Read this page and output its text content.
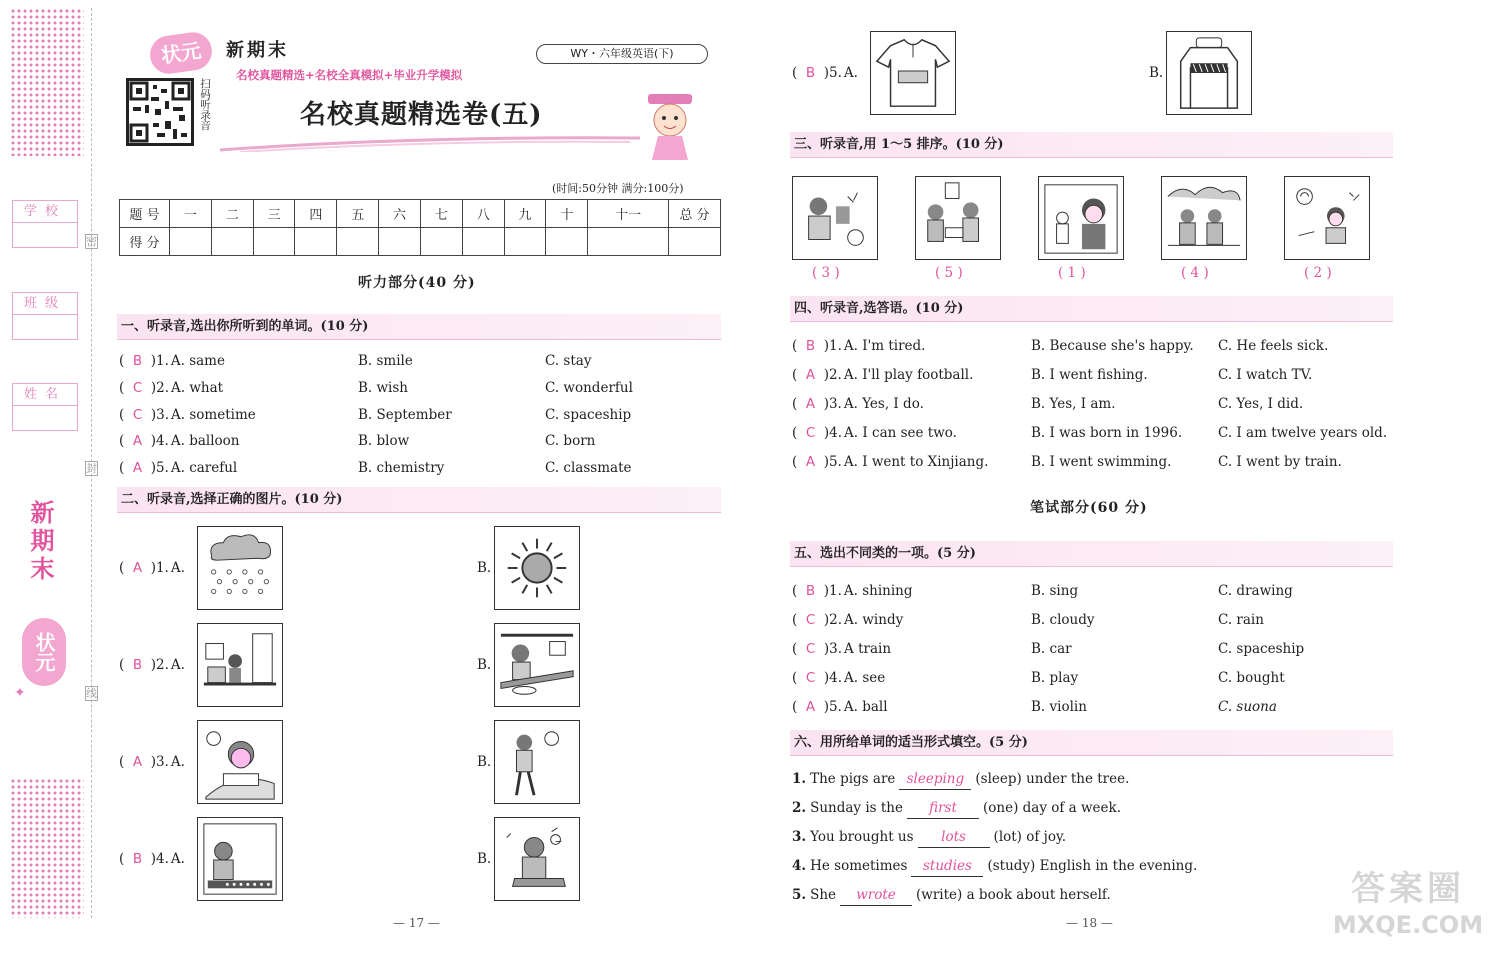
学校
班级
姓名
密
封
线
新期末
状元
✦
状元	新期末	WY・六年级英语(下)
名校真题精选+名校全真模拟+毕业升学模拟
扫码听录音	名校真题精选卷(五)
(时间:50分钟 满分:100分)
题 号	一	二	三	四	五	六	七	八	九	十	十一	总 分
得 分												
听力部分(40 分)
一、听录音,选出你所听到的单词。(10 分)
二、听录音,选择正确的图片。(10 分)
— 17 —
三、听录音,用 1～5 排序。(10 分)
四、听录音,选答语。(10 分)
笔试部分(60 分)
五、选出不同类的一项。(5 分)
六、用所给单词的适当形式填空。(5 分)
— 18 —
答案圈
MXQE.COM
(  B  )1. A. same	B. smile	C. stay
(  C  )2. A. what	B. wish	C. wonderful
(  C  )3. A. sometime	B. September	C. spaceship
(  A  )4. A. balloon	B. blow	C. born
(  A  )5. A. careful	B. chemistry	C. classmate
(  B  )1. A. I'm tired.	B. Because she's happy. C. He feels sick.
(  A  )2. A. I'll play football.	B. I went fishing.	C. I watch TV.
(  A  )3. A. Yes, I do.	B. Yes, I am.	C. Yes, I did.
(  C  )4. A. I can see two.	B. I was born in 1996.	C. I am twelve years old.
(  A  )5. A. I went to Xinjiang.	B. I went swimming.	C. I went by train.
(  B  )1. A. shining	B. sing	C. drawing
(  C  )2. A. windy	B. cloudy	C. rain
(  C  )3. A train	B. car	C. spaceship
(  C  )4. A. see	B. play	C. bought
(  A  )5. A. ball	B. violin	C. suona
(  A  )1. A.	B.
(  B  )2. A.	B.
(  A  )3. A.	B.
(  B  )4. A.	B.
(  B  )5. A.	B.
( 3 )	( 5 )	( 1 )	( 4 )	( 2 )
1. The pigs are sleeping (sleep) under the tree.
2. Sunday is the first (one) day of a week.
3. You brought us lots (lot) of joy.
4. He sometimes studies (study) English in the evening.
5. She wrote (write) a book about herself.
